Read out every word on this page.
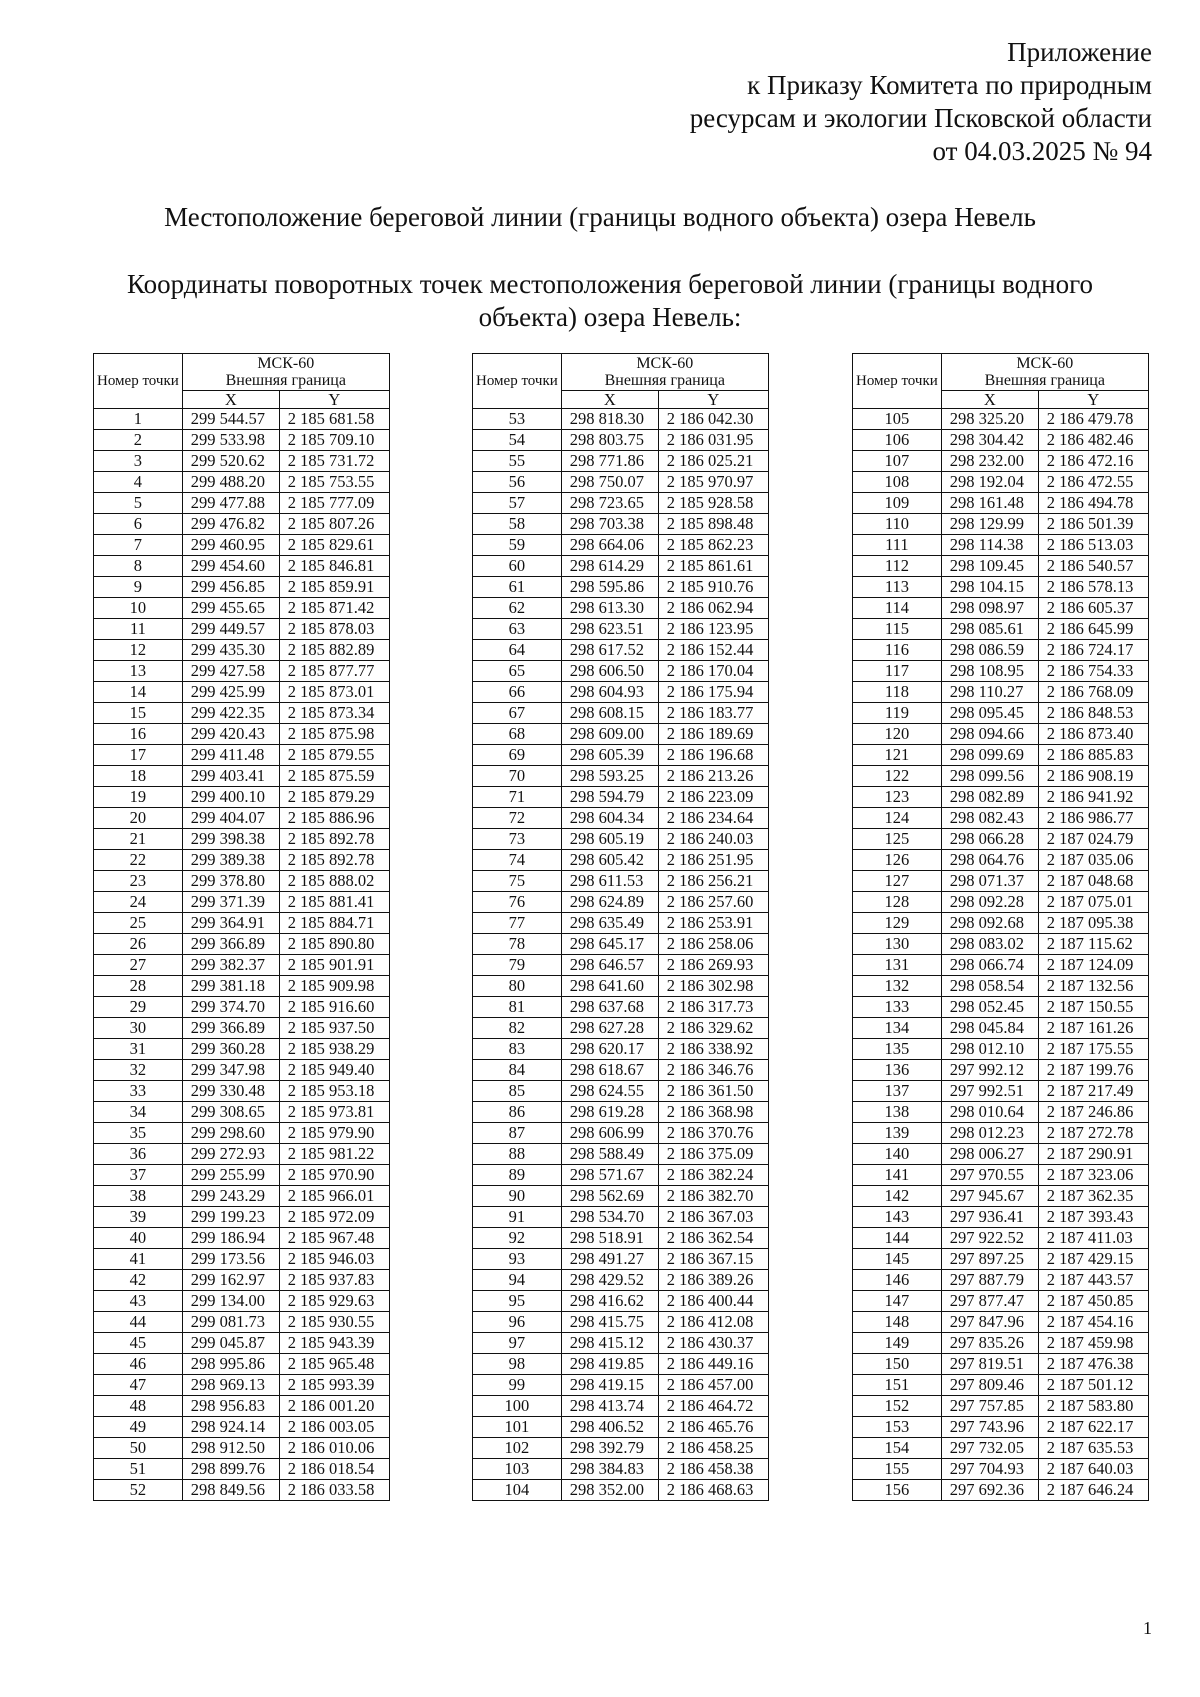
Приложение
к Приказу Комитета по природным
ресурсам и экологии Псковской области
от 04.03.2025 № 94
Местоположение береговой линии (границы водного объекта) озера Невель
Координаты поворотных точек местоположения береговой линии (границы водного объекта) озера Невель:
Номер точки	МСК-60
Внешняя граница	
	X	Y
1	299 544.57	2 185 681.58
2	299 533.98	2 185 709.10
3	299 520.62	2 185 731.72
4	299 488.20	2 185 753.55
5	299 477.88	2 185 777.09
6	299 476.82	2 185 807.26
7	299 460.95	2 185 829.61
8	299 454.60	2 185 846.81
9	299 456.85	2 185 859.91
10	299 455.65	2 185 871.42
11	299 449.57	2 185 878.03
12	299 435.30	2 185 882.89
13	299 427.58	2 185 877.77
14	299 425.99	2 185 873.01
15	299 422.35	2 185 873.34
16	299 420.43	2 185 875.98
17	299 411.48	2 185 879.55
18	299 403.41	2 185 875.59
19	299 400.10	2 185 879.29
20	299 404.07	2 185 886.96
21	299 398.38	2 185 892.78
22	299 389.38	2 185 892.78
23	299 378.80	2 185 888.02
24	299 371.39	2 185 881.41
25	299 364.91	2 185 884.71
26	299 366.89	2 185 890.80
27	299 382.37	2 185 901.91
28	299 381.18	2 185 909.98
29	299 374.70	2 185 916.60
30	299 366.89	2 185 937.50
31	299 360.28	2 185 938.29
32	299 347.98	2 185 949.40
33	299 330.48	2 185 953.18
34	299 308.65	2 185 973.81
35	299 298.60	2 185 979.90
36	299 272.93	2 185 981.22
37	299 255.99	2 185 970.90
38	299 243.29	2 185 966.01
39	299 199.23	2 185 972.09
40	299 186.94	2 185 967.48
41	299 173.56	2 185 946.03
42	299 162.97	2 185 937.83
43	299 134.00	2 185 929.63
44	299 081.73	2 185 930.55
45	299 045.87	2 185 943.39
46	298 995.86	2 185 965.48
47	298 969.13	2 185 993.39
48	298 956.83	2 186 001.20
49	298 924.14	2 186 003.05
50	298 912.50	2 186 010.06
51	298 899.76	2 186 018.54
52	298 849.56	2 186 033.58
Номер точки	МСК-60
Внешняя граница	
	X	Y
53	298 818.30	2 186 042.30
54	298 803.75	2 186 031.95
55	298 771.86	2 186 025.21
56	298 750.07	2 185 970.97
57	298 723.65	2 185 928.58
58	298 703.38	2 185 898.48
59	298 664.06	2 185 862.23
60	298 614.29	2 185 861.61
61	298 595.86	2 185 910.76
62	298 613.30	2 186 062.94
63	298 623.51	2 186 123.95
64	298 617.52	2 186 152.44
65	298 606.50	2 186 170.04
66	298 604.93	2 186 175.94
67	298 608.15	2 186 183.77
68	298 609.00	2 186 189.69
69	298 605.39	2 186 196.68
70	298 593.25	2 186 213.26
71	298 594.79	2 186 223.09
72	298 604.34	2 186 234.64
73	298 605.19	2 186 240.03
74	298 605.42	2 186 251.95
75	298 611.53	2 186 256.21
76	298 624.89	2 186 257.60
77	298 635.49	2 186 253.91
78	298 645.17	2 186 258.06
79	298 646.57	2 186 269.93
80	298 641.60	2 186 302.98
81	298 637.68	2 186 317.73
82	298 627.28	2 186 329.62
83	298 620.17	2 186 338.92
84	298 618.67	2 186 346.76
85	298 624.55	2 186 361.50
86	298 619.28	2 186 368.98
87	298 606.99	2 186 370.76
88	298 588.49	2 186 375.09
89	298 571.67	2 186 382.24
90	298 562.69	2 186 382.70
91	298 534.70	2 186 367.03
92	298 518.91	2 186 362.54
93	298 491.27	2 186 367.15
94	298 429.52	2 186 389.26
95	298 416.62	2 186 400.44
96	298 415.75	2 186 412.08
97	298 415.12	2 186 430.37
98	298 419.85	2 186 449.16
99	298 419.15	2 186 457.00
100	298 413.74	2 186 464.72
101	298 406.52	2 186 465.76
102	298 392.79	2 186 458.25
103	298 384.83	2 186 458.38
104	298 352.00	2 186 468.63
Номер точки	МСК-60
Внешняя граница	
	X	Y
105	298 325.20	2 186 479.78
106	298 304.42	2 186 482.46
107	298 232.00	2 186 472.16
108	298 192.04	2 186 472.55
109	298 161.48	2 186 494.78
110	298 129.99	2 186 501.39
111	298 114.38	2 186 513.03
112	298 109.45	2 186 540.57
113	298 104.15	2 186 578.13
114	298 098.97	2 186 605.37
115	298 085.61	2 186 645.99
116	298 086.59	2 186 724.17
117	298 108.95	2 186 754.33
118	298 110.27	2 186 768.09
119	298 095.45	2 186 848.53
120	298 094.66	2 186 873.40
121	298 099.69	2 186 885.83
122	298 099.56	2 186 908.19
123	298 082.89	2 186 941.92
124	298 082.43	2 186 986.77
125	298 066.28	2 187 024.79
126	298 064.76	2 187 035.06
127	298 071.37	2 187 048.68
128	298 092.28	2 187 075.01
129	298 092.68	2 187 095.38
130	298 083.02	2 187 115.62
131	298 066.74	2 187 124.09
132	298 058.54	2 187 132.56
133	298 052.45	2 187 150.55
134	298 045.84	2 187 161.26
135	298 012.10	2 187 175.55
136	297 992.12	2 187 199.76
137	297 992.51	2 187 217.49
138	298 010.64	2 187 246.86
139	298 012.23	2 187 272.78
140	298 006.27	2 187 290.91
141	297 970.55	2 187 323.06
142	297 945.67	2 187 362.35
143	297 936.41	2 187 393.43
144	297 922.52	2 187 411.03
145	297 897.25	2 187 429.15
146	297 887.79	2 187 443.57
147	297 877.47	2 187 450.85
148	297 847.96	2 187 454.16
149	297 835.26	2 187 459.98
150	297 819.51	2 187 476.38
151	297 809.46	2 187 501.12
152	297 757.85	2 187 583.80
153	297 743.96	2 187 622.17
154	297 732.05	2 187 635.53
155	297 704.93	2 187 640.03
156	297 692.36	2 187 646.24
1
